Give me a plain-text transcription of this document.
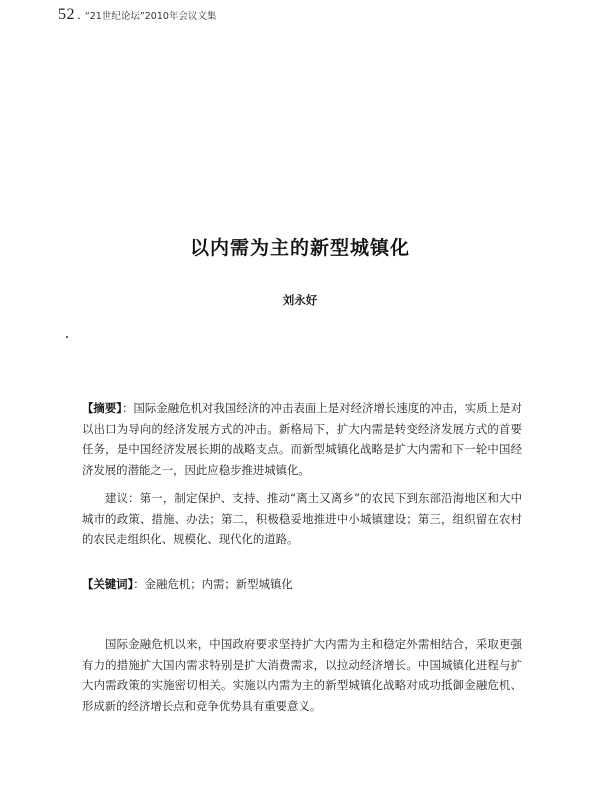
52 . “21世纪论坛”2010年会议文集
以内需为主的新型城镇化
刘永好
【摘要】：国际金融危机对我国经济的冲击表面上是对经济增长速度的冲击，实质上是对以出口为导向的经济发展方式的冲击。新格局下，扩大内需是转变经济发展方式的首要任务，是中国经济发展长期的战略支点。而新型城镇化战略是扩大内需和下一轮中国经济发展的潜能之一，因此应稳步推进城镇化。
建议：第一，制定保护、支持、推动“离土又离乡”的农民下到东部沿海地区和大中城市的政策、措施、办法；第二，积极稳妥地推进中小城镇建设；第三，组织留在农村的农民走组织化、规模化、现代化的道路。
【关键词】：金融危机；内需；新型城镇化
国际金融危机以来，中国政府要求坚持扩大内需为主和稳定外需相结合，采取更强有力的措施扩大国内需求特别是扩大消费需求，以拉动经济增长。中国城镇化进程与扩大内需政策的实施密切相关。实施以内需为主的新型城镇化战略对成功抵御金融危机、形成新的经济增长点和竞争优势具有重要意义。
